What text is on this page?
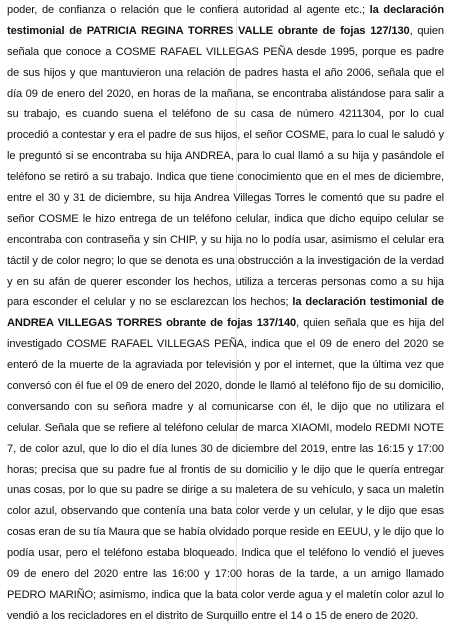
poder, de confianza o relación que le confiera autoridad al agente etc.; la declaración
testimonial de PATRICIA REGINA TORRES VALLE obrante de fojas 127/130, quien
señala que conoce a COSME RAFAEL VILLEGAS PEÑA desde 1995, porque es padre
de sus hijos y que mantuvieron una relación de padres hasta el año 2006, señala que el
día 09 de enero del 2020, en horas de la mañana, se encontraba alistándose para salir a
su trabajo, es cuando suena el teléfono de su casa de número 4211304, por lo cual
procedió a contestar y era el padre de sus hijos, el señor COSME, para lo cual le saludó y
le preguntó si se encontraba su hija ANDREA, para lo cual llamó a su hija y pasándole el
teléfono se retiró a su trabajo. Indica que tiene conocimiento que en el mes de diciembre,
entre el 30 y 31 de diciembre, su hija Andrea Villegas Torres le comentó que su padre el
señor COSME le hizo entrega de un teléfono celular, indica que dicho equipo celular se
encontraba con contraseña y sin CHIP, y su hija no lo podía usar, asimismo el celular era
táctil y de color negro; lo que se denota es una obstrucción a la investigación de la verdad
y en su afán de querer esconder los hechos, utiliza a terceras personas como a su hija
para esconder el celular y no se esclarezcan los hechos; la declaración testimonial de
ANDREA VILLEGAS TORRES obrante de fojas 137/140, quien señala que es hija del
investigado COSME RAFAEL VILLEGAS PEÑA, indica que el 09 de enero del 2020 se
enteró de la muerte de la agraviada por televisión y por el internet, que la última vez que
conversó con él fue el 09 de enero del 2020, donde le llamó al teléfono fijo de su domicilio,
conversando con su señora madre y al comunicarse con él, le dijo que no utilizara el
celular. Señala que se refiere al teléfono celular de marca XIAOMI, modelo REDMI NOTE
7, de color azul, que lo dio el día lunes 30 de diciembre del 2019, entre las 16:15 y 17:00
horas; precisa que su padre fue al frontis de su domicilio y le dijo que le quería entregar
unas cosas, por lo que su padre se dirige a su maletera de su vehículo, y saca un maletín
color azul, observando que contenía una bata color verde y un celular, y le dijo que esas
cosas eran de su tía Maura que se había olvidado porque reside en EEUU, y le dijo que lo
podía usar, pero el teléfono estaba bloqueado. Indica que el teléfono lo vendió el jueves
09 de enero del 2020 entre las 16:00 y 17:00 horas de la tarde, a un amigo llamado
PEDRO MARIÑO; asimismo, indica que la bata color verde agua y el maletín color azul lo
vendió a los recicladores en el distrito de Surquillo entre el 14 o 15 de enero de 2020.
